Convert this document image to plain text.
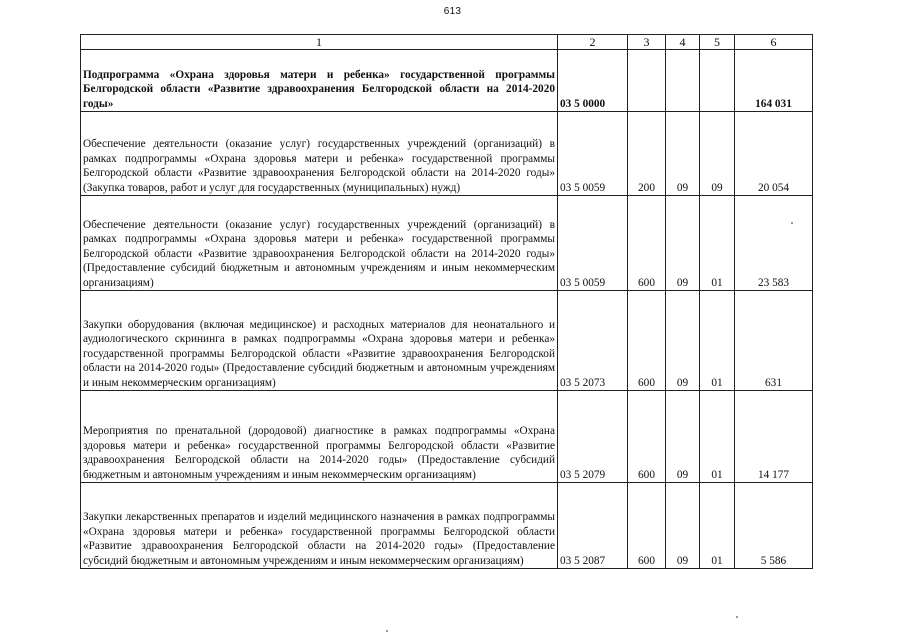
613
1	2	3	4	5	6
Подпрограмма «Охрана здоровья матери и ребенка» государственной программы Белгородской области «Развитие здравоохранения Белгородской области на 2014-2020 годы»	03 5 0000				164 031
Обеспечение деятельности (оказание услуг) государственных учреждений (организаций) в рамках подпрограммы «Охрана здоровья матери и ребенка» государственной программы Белгородской области «Развитие здравоохранения Белгородской области на 2014-2020 годы» (Закупка товаров, работ и услуг для государственных (муниципальных) нужд)	03 5 0059	200	09	09	20 054
Обеспечение деятельности (оказание услуг) государственных учреждений (организаций) в рамках подпрограммы «Охрана здоровья матери и ребенка» государственной программы Белгородской области «Развитие здравоохранения Белгородской области на 2014-2020 годы» (Предоставление субсидий бюджетным и автономным учреждениям и иным некоммерческим организациям)	03 5 0059	600	09	01	23 583
Закупки оборудования (включая медицинское) и расходных материалов для неонатального и аудиологического скрининга в рамках подпрограммы «Охрана здоровья матери и ребенка» государственной программы Белгородской области «Развитие здравоохранения Белгородской области на 2014-2020 годы» (Предоставление субсидий бюджетным и автономным учреждениям и иным некоммерческим организациям)	03 5 2073	600	09	01	631
Мероприятия по пренатальной (дородовой) диагностике в рамках подпрограммы «Охрана здоровья матери и ребенка» государственной программы Белгородской области «Развитие здравоохранения Белгородской области на 2014-2020 годы» (Предоставление субсидий бюджетным и автономным учреждениям и иным некоммерческим организациям)	03 5 2079	600	09	01	14 177
Закупки лекарственных препаратов и изделий медицинского назначения в рамках подпрограммы «Охрана здоровья матери и ребенка» государственной программы Белгородской области «Развитие здравоохранения Белгородской области на 2014-2020 годы» (Предоставление субсидий бюджетным и автономным учреждениям и иным некоммерческим организациям)	03 5 2087	600	09	01	5 586
